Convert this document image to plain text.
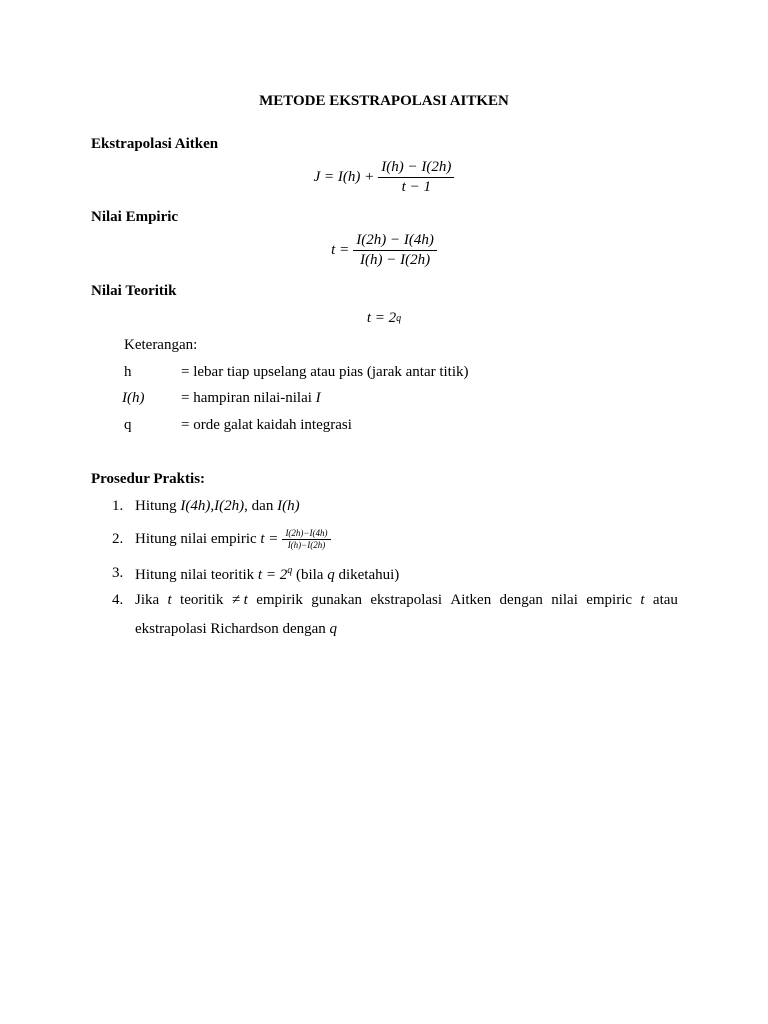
METODE EKSTRAPOLASI AITKEN
Ekstrapolasi Aitken
$J = I(h) + \frac{I(h) - I(2h)}{t - 1}$
Nilai Empiric
$t = \frac{I(2h) - I(4h)}{I(h) - I(2h)}$
Nilai Teoritik
t = 2 q
Keterangan:
h	= lebar tiap upselang atau pias (jarak antar titik)
I(h) = hampiran nilai-nilai I
q	= orde galat kaidah integrasi
Prosedur Praktis:
1. Hitung I(4h),I(2h), dan I(h)
2. Hitung nilai empiric $t = \frac{I(2h)-I(4h)}{I(h)-I(2h)}$
3. Hitung nilai teoritik $t = 2^q$ (bila q diketahui)
4. Jika t teoritik ≠ t empirik gunakan ekstrapolasi Aitken dengan nilai empiric t atau
ekstrapolasi Richardson dengan q
